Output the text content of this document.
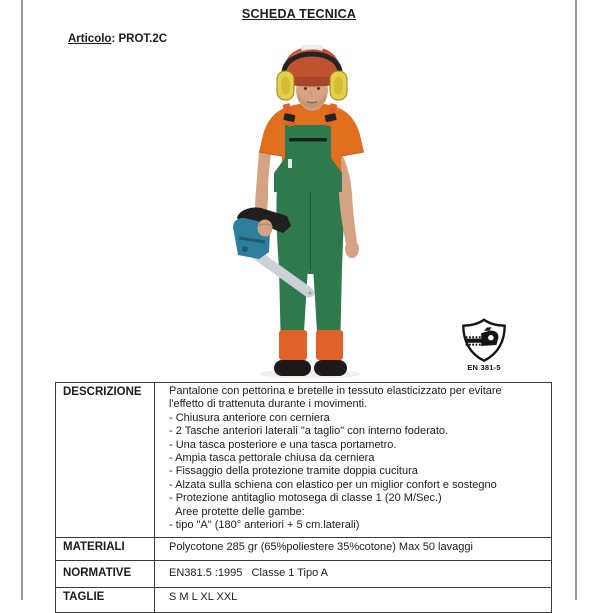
SCHEDA TECNICA
Articolo: PROT.2C
EN 381-5
DESCRIZIONE	Pantalone con pettorina e bretelle in tessuto elasticizzato per evitare
l'effetto di trattenuta durante i movimenti.
- Chiusura anteriore con cerniera
- 2 Tasche anteriori laterali "a taglio" con interno foderato.
- Una tasca posteriore e una tasca portametro.
- Ampia tasca pettorale chiusa da cerniera
- Fissaggio della protezione tramite doppia cucitura
- Alzata sulla schiena con elastico per un miglior confort e sostegno
- Protezione antitaglio motosega di classe 1 (20 M/Sec.)
Aree protette delle gambe:
- tipo "A" (180° anteriori + 5 cm.laterali)
MATERIALI	Polycotone 285 gr (65%poliestere 35%cotone) Max 50 lavaggi
NORMATIVE	EN381.5 :1995   Classe 1 Tipo A
TAGLIE	S M L XL XXL
